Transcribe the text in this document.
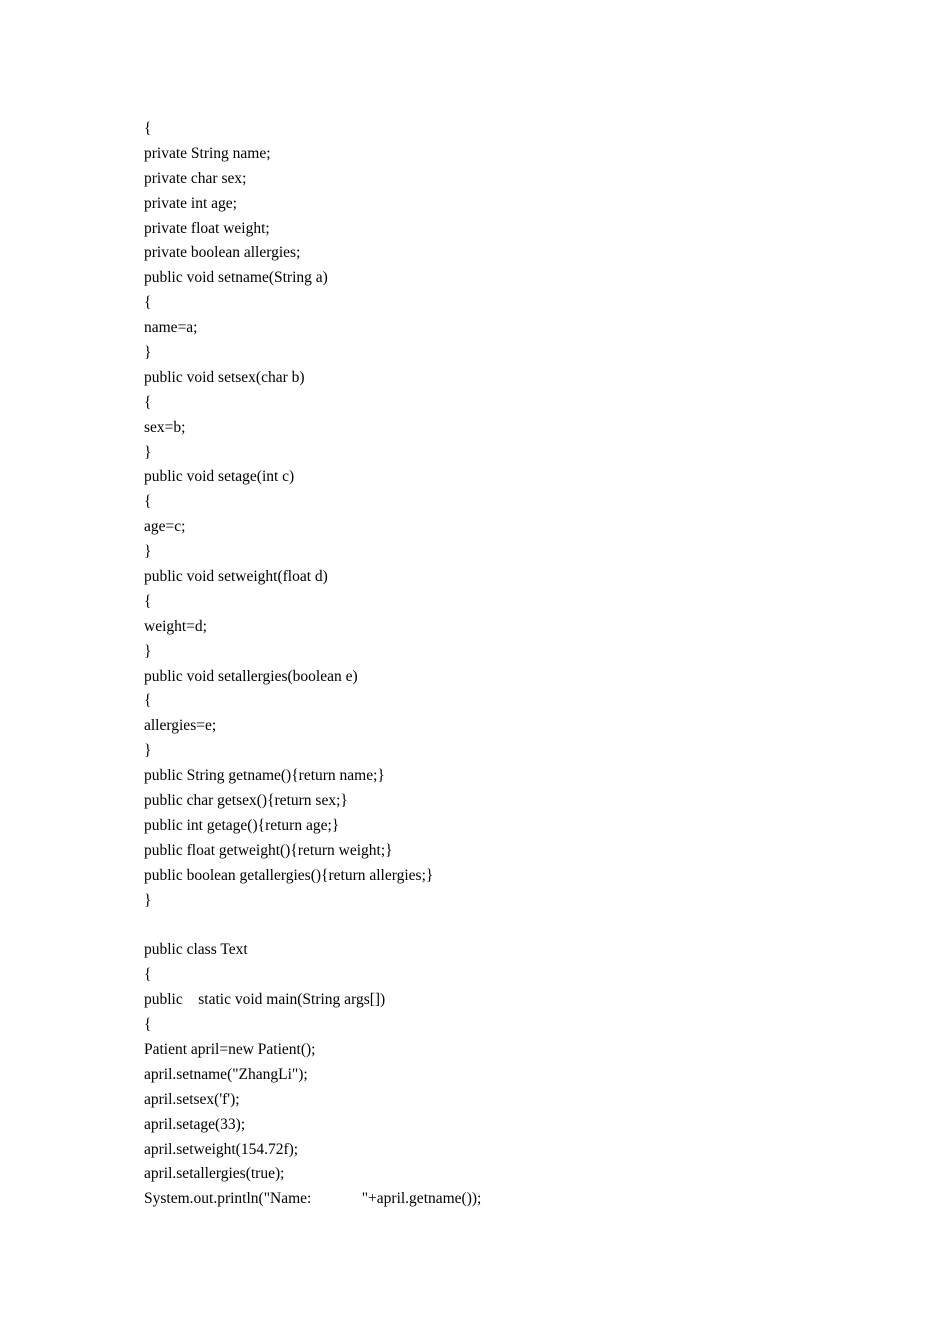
{
private String name;
private char sex;
private int age;
private float weight;
private boolean allergies;
public void setname(String a)
{
name=a;
}
public void setsex(char b)
{
sex=b;
}
public void setage(int c)
{
age=c;
}
public void setweight(float d)
{
weight=d;
}
public void setallergies(boolean e)
{
allergies=e;
}
public String getname(){return name;}
public char getsex(){return sex;}
public int getage(){return age;}
public float getweight(){return weight;}
public boolean getallergies(){return allergies;}
}
public class Text
{
public    static void main(String args[])
{
Patient april=new Patient();
april.setname("ZhangLi");
april.setsex('f');
april.setage(33);
april.setweight(154.72f);
april.setallergies(true);
System.out.println("Name:             "+april.getname());
